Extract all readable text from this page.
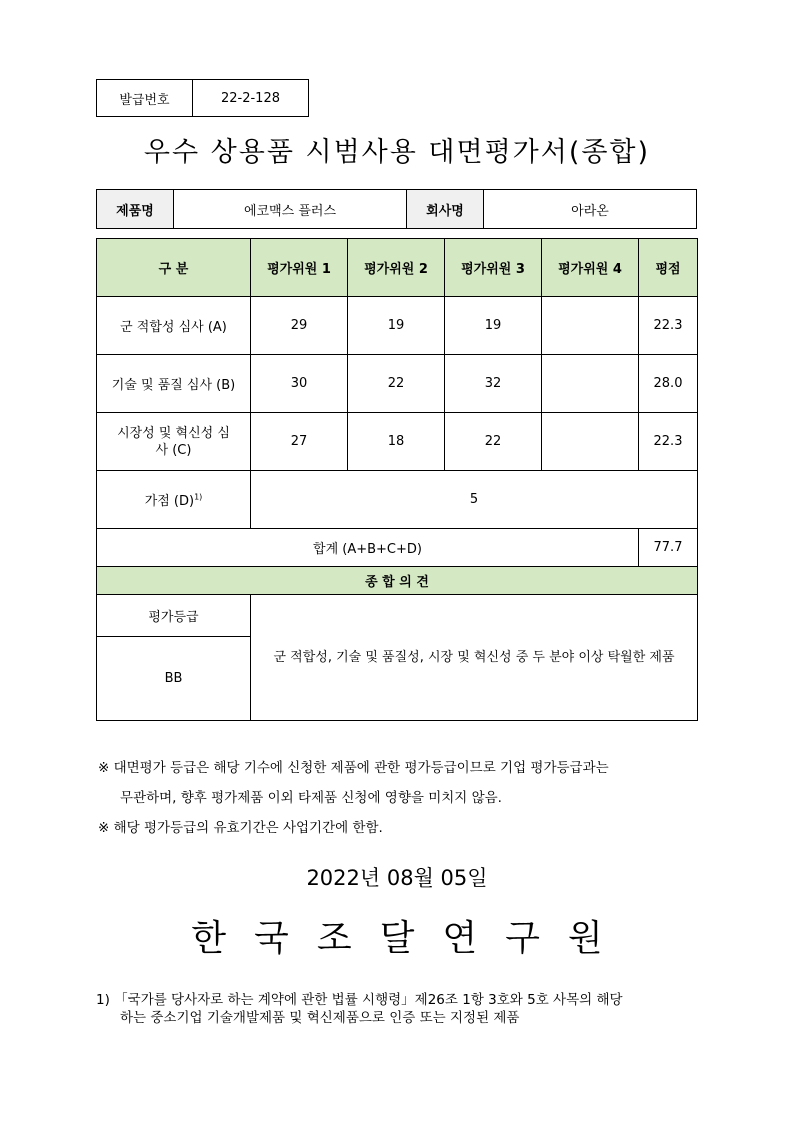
발급번호	22-2-128
우수 상용품 시범사용 대면평가서(종합)
제품명	에코맥스 플러스	회사명	아라온
구 분	평가위원 1	평가위원 2	평가위원 3	평가위원 4	평점
군 적합성 심사 (A)	29	19	19		22.3
기술 및 품질 심사 (B)	30	22	32		28.0
시장성 및 혁신성 심사 (C)	27	18	22		22.3
가점 $(D)^{1)}$	5				
합계 (A+B+C+D)					77.7
종 합 의 견					
평가등급	군 적합성, 기술 및 품질성, 시장 및 혁신성 중 두 분야 이상 탁월한 제품				
BB					
※ 대면평가 등급은 해당 기수에 신청한 제품에 관한 평가등급이므로 기업 평가등급과는
무관하며, 향후 평가제품 이외 타제품 신청에 영향을 미치지 않음.
※ 해당 평가등급의 유효기간은 사업기간에 한함.
2022년 08월 05일
한국조달연구원
1) 「국가를 당사자로 하는 계약에 관한 법률 시행령」제26조 1항 3호와 5호 사목의 해당
하는 중소기업 기술개발제품 및 혁신제품으로 인증 또는 지정된 제품
